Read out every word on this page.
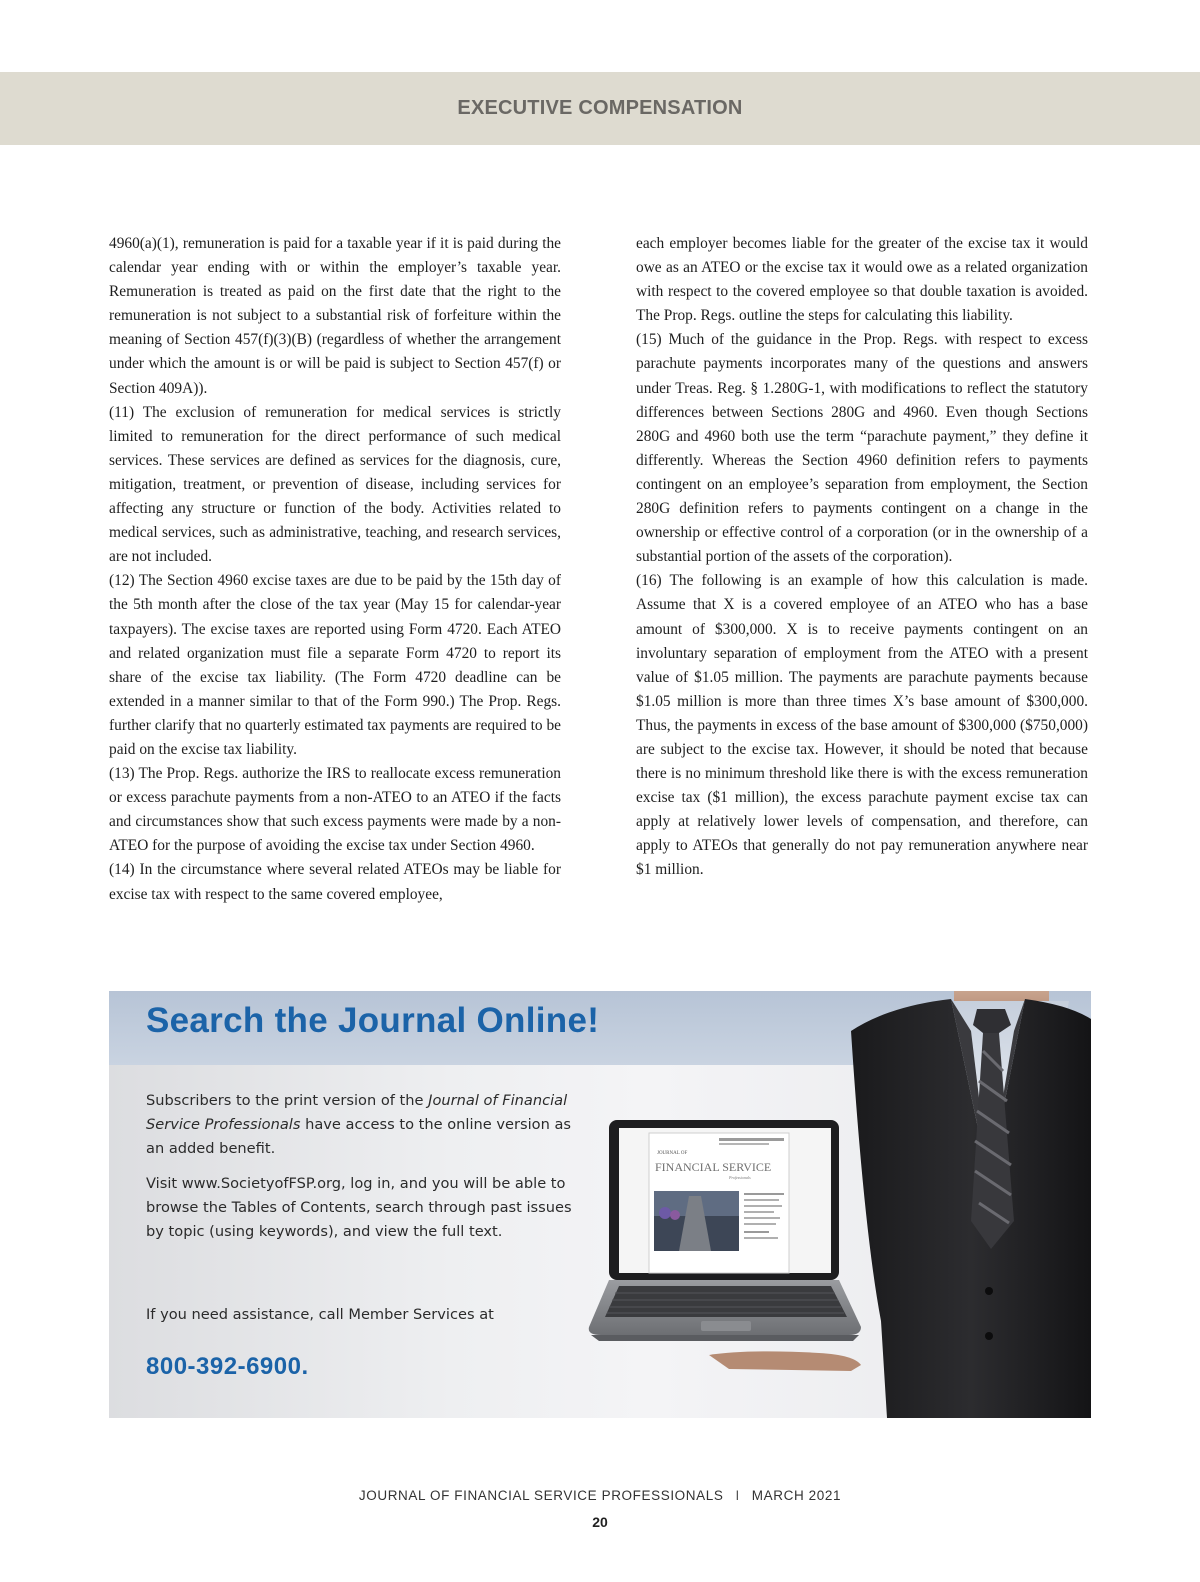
EXECUTIVE COMPENSATION

4960(a)(1), remuneration is paid for a taxable year if it is paid during the calendar year ending with or within the employer’s taxable year. Remuneration is treated as paid on the first date that the right to the remuneration is not subject to a substantial risk of forfeiture within the meaning of Section 457(f)(3)(B) (regardless of whether the arrangement under which the amount is or will be paid is subject to Section 457(f) or Section 409A)).

(11) The exclusion of remuneration for medical services is strictly limited to remuneration for the direct performance of such medical services. These services are defined as services for the diagnosis, cure, mitigation, treatment, or prevention of disease, including services for affecting any structure or function of the body. Activities related to medical services, such as administrative, teaching, and research services, are not included.

(12) The Section 4960 excise taxes are due to be paid by the 15th day of the 5th month after the close of the tax year (May 15 for calendar-year taxpayers). The excise taxes are reported using Form 4720. Each ATEO and related organization must file a separate Form 4720 to report its share of the excise tax liability. (The Form 4720 deadline can be extended in a manner similar to that of the Form 990.) The Prop. Regs. further clarify that no quarterly estimated tax payments are required to be paid on the excise tax liability.

(13) The Prop. Regs. authorize the IRS to reallocate excess remuneration or excess parachute payments from a non-ATEO to an ATEO if the facts and circumstances show that such excess payments were made by a non-ATEO for the purpose of avoiding the excise tax under Section 4960.

(14) In the circumstance where several related ATEOs may be liable for excise tax with respect to the same covered employee,

each employer becomes liable for the greater of the excise tax it would owe as an ATEO or the excise tax it would owe as a related organization with respect to the covered employee so that double taxation is avoided. The Prop. Regs. outline the steps for calculating this liability.

(15) Much of the guidance in the Prop. Regs. with respect to excess parachute payments incorporates many of the questions and answers under Treas. Reg. § 1.280G-1, with modifications to reflect the statutory differences between Sections 280G and 4960. Even though Sections 280G and 4960 both use the term “parachute payment,” they define it differently. Whereas the Section 4960 definition refers to payments contingent on an employee’s separation from employment, the Section 280G definition refers to payments contingent on a change in the ownership or effective control of a corporation (or in the ownership of a substantial portion of the assets of the corporation).

(16) The following is an example of how this calculation is made. Assume that X is a covered employee of an ATEO who has a base amount of $300,000. X is to receive payments contingent on an involuntary separation of employment from the ATEO with a present value of $1.05 million. The payments are parachute payments because $1.05 million is more than three times X’s base amount of $300,000. Thus, the payments in excess of the base amount of $300,000 ($750,000) are subject to the excise tax. However, it should be noted that because there is no minimum threshold like there is with the excess remuneration excise tax ($1 million), the excess parachute payment excise tax can apply at relatively lower levels of compensation, and therefore, can apply to ATEOs that generally do not pay remuneration anywhere near $1 million.

JOURNAL OF
FINANCIAL SERVICE
Professionals
Search the Journal Online!
Subscribers to the print version of the Journal of Financial Service Professionals have access to the online version as an added benefit.
Visit www.SocietyofFSP.org, log in, and you will be able to browse the Tables of Contents, search through past issues by topic (using keywords), and view the full text.
If you need assistance, call Member Services at
800-392-6900.
JOURNAL OF FINANCIAL SERVICE PROFESSIONALS I MARCH 2021
20
